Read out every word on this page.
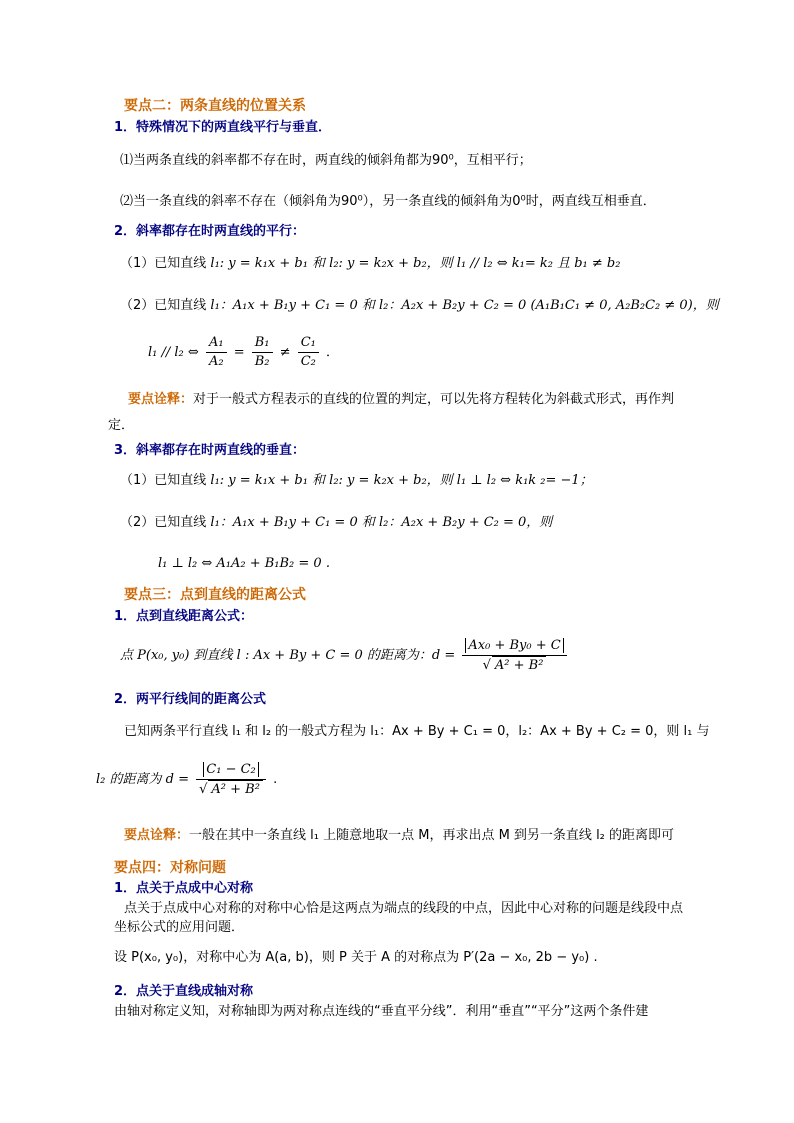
要点二：两条直线的位置关系
1．特殊情况下的两直线平行与垂直．
⑴当两条直线的斜率都不存在时，两直线的倾斜角都为90⁰，互相平行；
⑵当一条直线的斜率不存在（倾斜角为90⁰），另一条直线的倾斜角为0⁰时，两直线互相垂直．
2．斜率都存在时两直线的平行：
（1）已知直线 l₁: y = k₁x + b₁ 和 l₂: y = k₂x + b₂，则 l₁ // l₂ ⇔ k₁= k₂ 且 b₁ ≠ b₂
（2）已知直线 l₁：A₁x + B₁y + C₁ = 0 和 l₂：A₂x + B₂y + C₂ = 0 (A₁B₁C₁ ≠ 0, A₂B₂C₂ ≠ 0)，则
l₁ // l₂ ⇔ $\frac{\text{A₁}}{\text{A₂}} = \frac{\text{B₁}}{\text{B₂}} \ne \frac{\text{C₁}}{\text{C₂}}$ ．
要点诠释：对于一般式方程表示的直线的位置的判定，可以先将方程转化为斜截式形式，再作判
定．
3．斜率都存在时两直线的垂直：
（1）已知直线 l₁: y = k₁x + b₁ 和 l₂: y = k₂x + b₂，则 l₁ ⊥ l₂ ⇔ k₁k ₂= −1；
（2）已知直线 l₁：A₁x + B₁y + C₁ = 0 和 l₂：A₂x + B₂y + C₂ = 0，则
l₁ ⊥ l₂ ⇔ A₁A₂ + B₁B₂ = 0 .
要点三：点到直线的距离公式
1．点到直线距离公式：
点 P(x₀, y₀) 到直线 l : Ax + By + C = 0 的距离为：$d = \frac{\text{Ax₀ + By₀ + C}}{\text{√ A² + B²}}$
2．两平行线间的距离公式
已知两条平行直线 l₁ 和 l₂ 的一般式方程为 l₁：Ax + By + C₁ = 0，l₂：Ax + By + C₂ = 0，则 l₁ 与
l₂ 的距离为 $d = \frac{\text{C₁ − C₂}}{\text{√ A² + B²}}$ .
要点诠释：一般在其中一条直线 l₁ 上随意地取一点 M，再求出点 M 到另一条直线 l₂ 的距离即可
要点四：对称问题
1．点关于点成中心对称
点关于点成中心对称的对称中心恰是这两点为端点的线段的中点，因此中心对称的问题是线段中点
坐标公式的应用问题．
设 P(x₀, y₀)，对称中心为 A(a, b)，则 P 关于 A 的对称点为 P′(2a − x₀, 2b − y₀) .
2．点关于直线成轴对称
由轴对称定义知，对称轴即为两对称点连线的“垂直平分线”．利用“垂直”“平分”这两个条件建
